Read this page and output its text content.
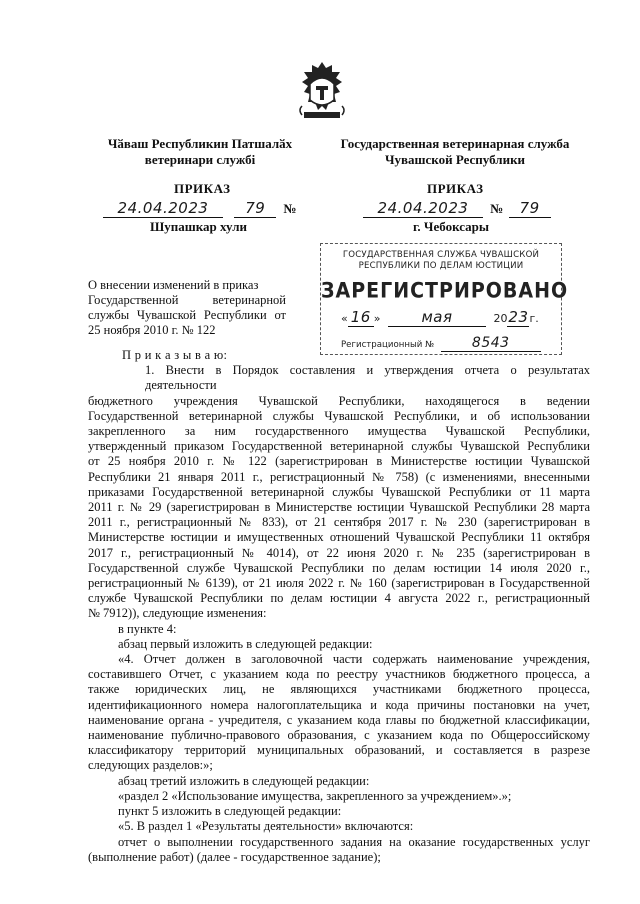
Чӑваш Республикин Патшалӑх
ветеринари службi
ПРИКАЗ
24.04.2023 79 №
Шупашкар хули
Государственная ветеринарная служба
Чувашской Республики
ПРИКАЗ
24.04.2023 № 79
г. Чебоксары
ГОСУДАРСТВЕННАЯ СЛУЖБА ЧУВАШСКОЙ
РЕСПУБЛИКИ ПО ДЕЛАМ ЮСТИЦИИ
ЗАРЕГИСТРИРОВАНО
« 16 »	мая	2023г.
Регистрационный №	8543
О внесении изменений в приказ
Государственной ветеринарной
службы Чувашской Республики от
25 ноября 2010 г. № 122
П р и к а з ы в а ю:
1. Внести в Порядок составления и утверждения отчета о результатах деятельности
бюджетного учреждения Чувашской Республики, находящегося в ведении
Государственной ветеринарной службы Чувашской Республики, и об использовании
закрепленного за ним государственного имущества Чувашской Республики,
утвержденный приказом Государственной ветеринарной службы Чувашской Республики
от 25 ноября 2010 г. № 122 (зарегистрирован в Министерстве юстиции Чувашской
Республики 21 января 2011 г., регистрационный № 758) (с изменениями, внесенными
приказами Государственной ветеринарной службы Чувашской Республики от 11 марта
2011 г. № 29 (зарегистрирован в Министерстве юстиции Чувашской Республики 28 марта
2011 г., регистрационный № 833), от 21 сентября 2017 г. № 230 (зарегистрирован в
Министерстве юстиции и имущественных отношений Чувашской Республики 11 октября
2017 г., регистрационный № 4014), от 22 июня 2020 г. № 235 (зарегистрирован в
Государственной службе Чувашской Республики по делам юстиции 14 июля 2020 г.,
регистрационный № 6139), от 21 июля 2022 г. № 160 (зарегистрирован в Государственной
службе Чувашской Республики по делам юстиции 4 августа 2022 г., регистрационный
№ 7912)), следующие изменения:
в пункте 4:
абзац первый изложить в следующей редакции:
«4. Отчет должен в заголовочной части содержать наименование учреждения,
составившего Отчет, с указанием кода по реестру участников бюджетного процесса, а
также юридических лиц, не являющихся участниками бюджетного процесса,
идентификационного номера налогоплательщика и кода причины постановки на учет,
наименование органа - учредителя, с указанием кода главы по бюджетной классификации,
наименование публично-правового образования, с указанием кода по Общероссийскому
классификатору территорий муниципальных образований, и составляется в разрезе
следующих разделов:»;
абзац третий изложить в следующей редакции:
«раздел 2 «Использование имущества, закрепленного за учреждением».»;
пункт 5 изложить в следующей редакции:
«5. В раздел 1 «Результаты деятельности» включаются:
отчет о выполнении государственного задания на оказание государственных услуг
(выполнение работ) (далее - государственное задание);
